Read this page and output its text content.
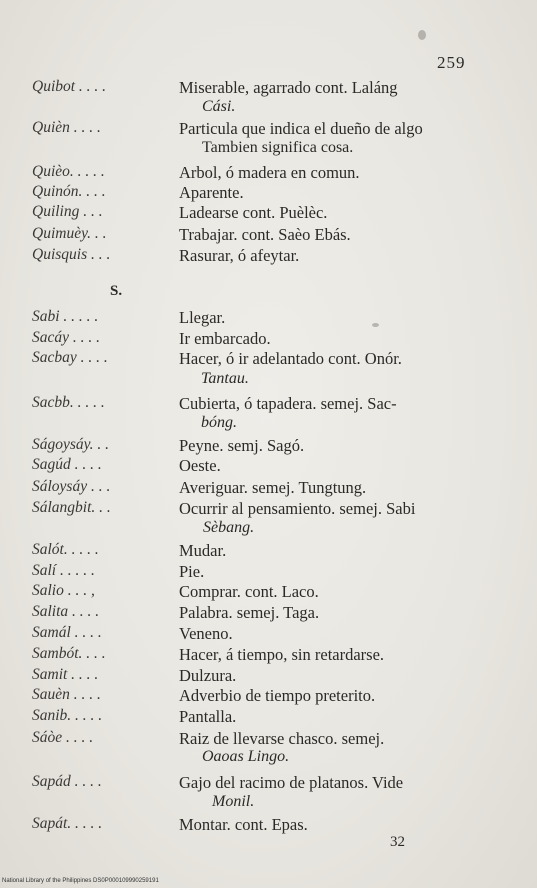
259
Quibot . . . .	Miserable, agarrado cont. Laláng
Cási.
Quièn . . . .	Particula que indica el dueño de algo
Tambien significa cosa.
Quièo. . . . .	Arbol, ó madera en comun.
Quinón. . . .	Aparente.
Quiling . . .	Ladearse cont. Puèlèc.
Quimuèy. . .	Trabajar. cont. Saèo Ebás.
Quisquis . . .	Rasurar, ó afeytar.
S.
Sabi . . . . .	Llegar.
Sacáy . . . .	Ir embarcado.
Sacbay . . . .	Hacer, ó ir adelantado cont. Onór.
Tantau.
Sacbb. . . . .	Cubierta, ó tapadera. semej. Sac-
bóng.
Ságoysáy. . .	Peyne. semj. Sagó.
Sagúd . . . .	Oeste.
Sáloysáy . . .	Averiguar. semej. Tungtung.
Sálangbit. . .	Ocurrir al pensamiento. semej. Sabi
Sèbang.
Salót. . . . .	Mudar.
Salí . . . . .	Pie.
Salio . . . ,	Comprar. cont. Laco.
Salita . . . .	Palabra. semej. Taga.
Samál . . . .	Veneno.
Sambót. . . .	Hacer, á tiempo, sin retardarse.
Samit . . . .	Dulzura.
Sauèn . . . .	Adverbio de tiempo preterito.
Sanib. . . . .	Pantalla.
Sáòe . . . .	Raiz de llevarse chasco. semej.
Oaoas Lingo.
Sapád . . . .	Gajo del racimo de platanos. Vide
Monil.
Sapát. . . . .	Montar. cont. Epas.
32
National Library of the Philippines DS0P000109990259191
